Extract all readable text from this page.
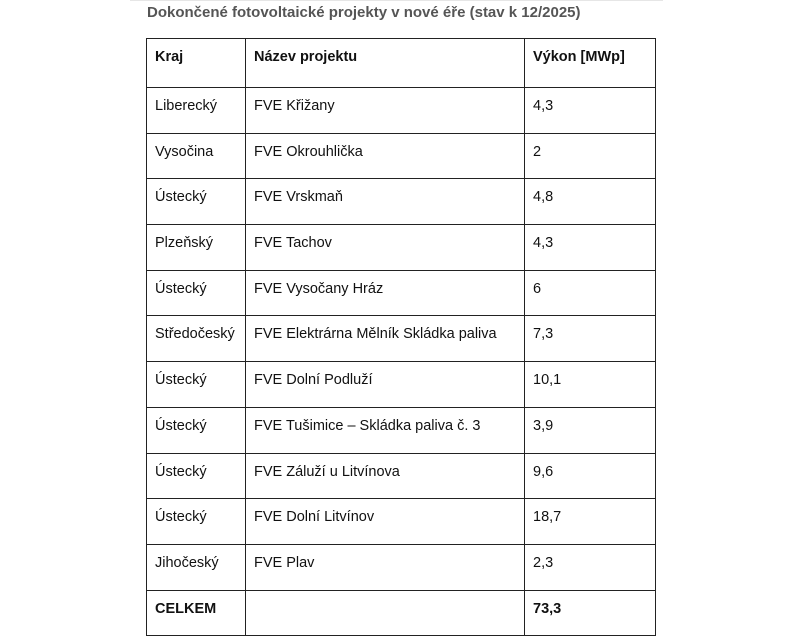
Dokončené fotovoltaické projekty v nové éře (stav k 12/2025)
Kraj	Název projektu	Výkon [MWp]
Liberecký	FVE Křižany	4,3
Vysočina	FVE Okrouhlička	2
Ústecký	FVE Vrskmaň	4,8
Plzeňský	FVE Tachov	4,3
Ústecký	FVE Vysočany Hráz	6
Středočeský	FVE Elektrárna Mělník Skládka paliva	7,3
Ústecký	FVE Dolní Podluží	10,1
Ústecký	FVE Tušimice – Skládka paliva č. 3	3,9
Ústecký	FVE Záluží u Litvínova	9,6
Ústecký	FVE Dolní Litvínov	18,7
Jihočeský	FVE Plav	2,3
CELKEM		73,3
